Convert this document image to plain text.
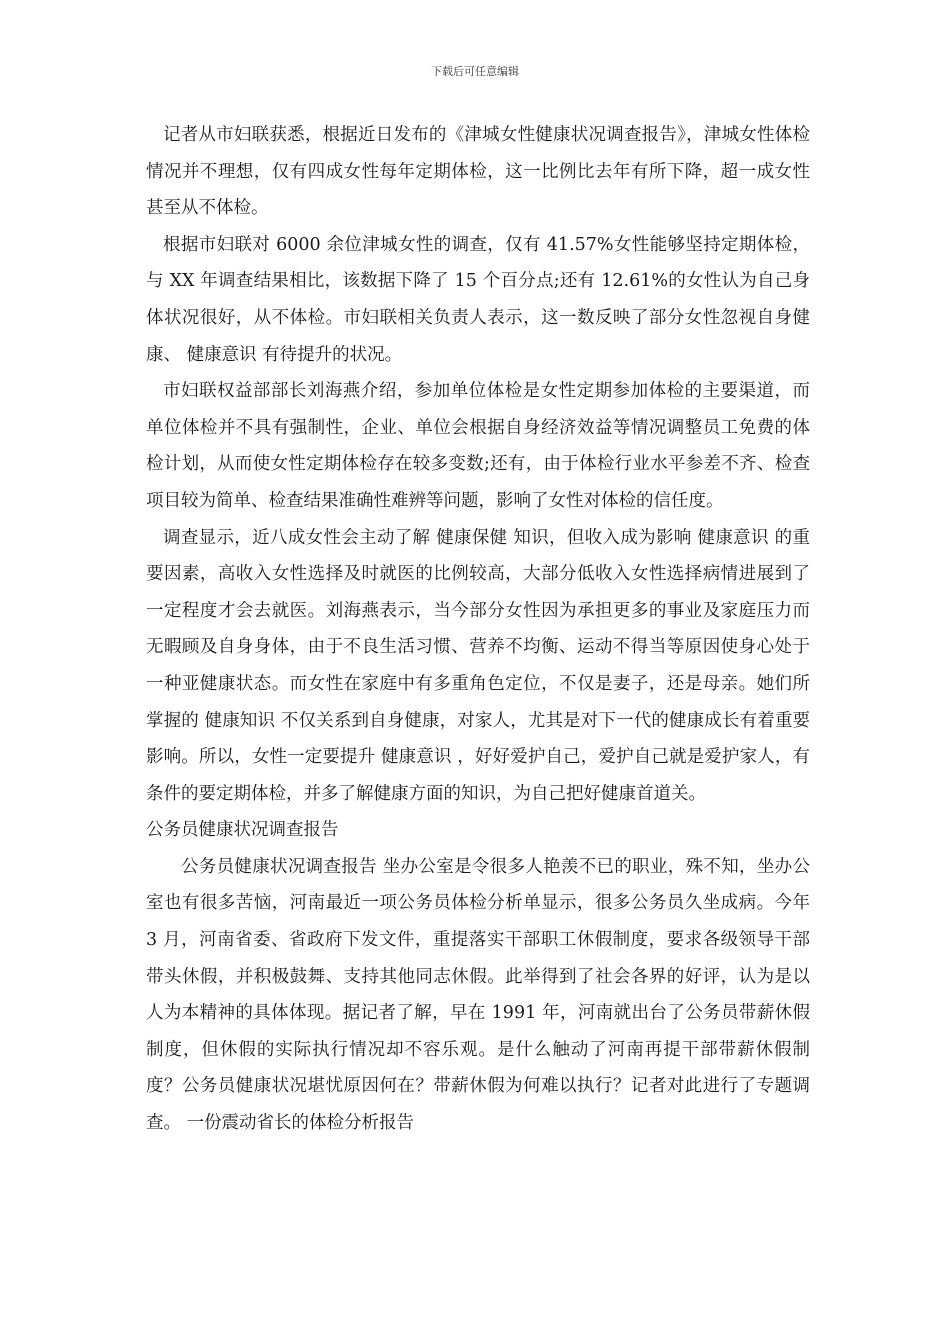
下载后可任意编辑

记者从市妇联获悉，根据近日发布的《津城女性健康状况调查报告》，津城女性体检情况并不理想，仅有四成女性每年定期体检，这一比例比去年有所下降，超一成女性甚至从不体检。

根据市妇联对 6000 余位津城女性的调查，仅有 41.57%女性能够坚持定期体检，与 XX 年调查结果相比，该数据下降了 15 个百分点;还有 12.61%的女性认为自己身体状况很好，从不体检。市妇联相关负责人表示，这一数反映了部分女性忽视自身健康、 健康意识 有待提升的状况。

市妇联权益部部长刘海燕介绍，参加单位体检是女性定期参加体检的主要渠道，而单位体检并不具有强制性，企业、单位会根据自身经济效益等情况调整员工免费的体检计划，从而使女性定期体检存在较多变数;还有，由于体检行业水平参差不齐、检查项目较为简单、检查结果准确性难辨等问题，影响了女性对体检的信任度。

调查显示，近八成女性会主动了解 健康保健 知识，但收入成为影响 健康意识 的重要因素，高收入女性选择及时就医的比例较高，大部分低收入女性选择病情进展到了一定程度才会去就医。刘海燕表示，当今部分女性因为承担更多的事业及家庭压力而无暇顾及自身身体，由于不良生活习惯、营养不均衡、运动不得当等原因使身心处于一种亚健康状态。而女性在家庭中有多重角色定位，不仅是妻子，还是母亲。她们所掌握的 健康知识 不仅关系到自身健康，对家人，尤其是对下一代的健康成长有着重要影响。所以，女性一定要提升 健康意识 ，好好爱护自己，爱护自己就是爱护家人，有条件的要定期体检，并多了解健康方面的知识，为自己把好健康首道关。

公务员健康状况调查报告

公务员健康状况调查报告 坐办公室是令很多人艳羡不已的职业，殊不知，坐办公室也有很多苦恼，河南最近一项公务员体检分析单显示，很多公务员久坐成病。今年 3 月，河南省委、省政府下发文件，重提落实干部职工休假制度，要求各级领导干部带头休假，并积极鼓舞、支持其他同志休假。此举得到了社会各界的好评，认为是以人为本精神的具体体现。据记者了解，早在 1991 年，河南就出台了公务员带薪休假制度，但休假的实际执行情况却不容乐观。是什么触动了河南再提干部带薪休假制度？公务员健康状况堪忧原因何在？带薪休假为何难以执行？记者对此进行了专题调查。 一份震动省长的体检分析报告
